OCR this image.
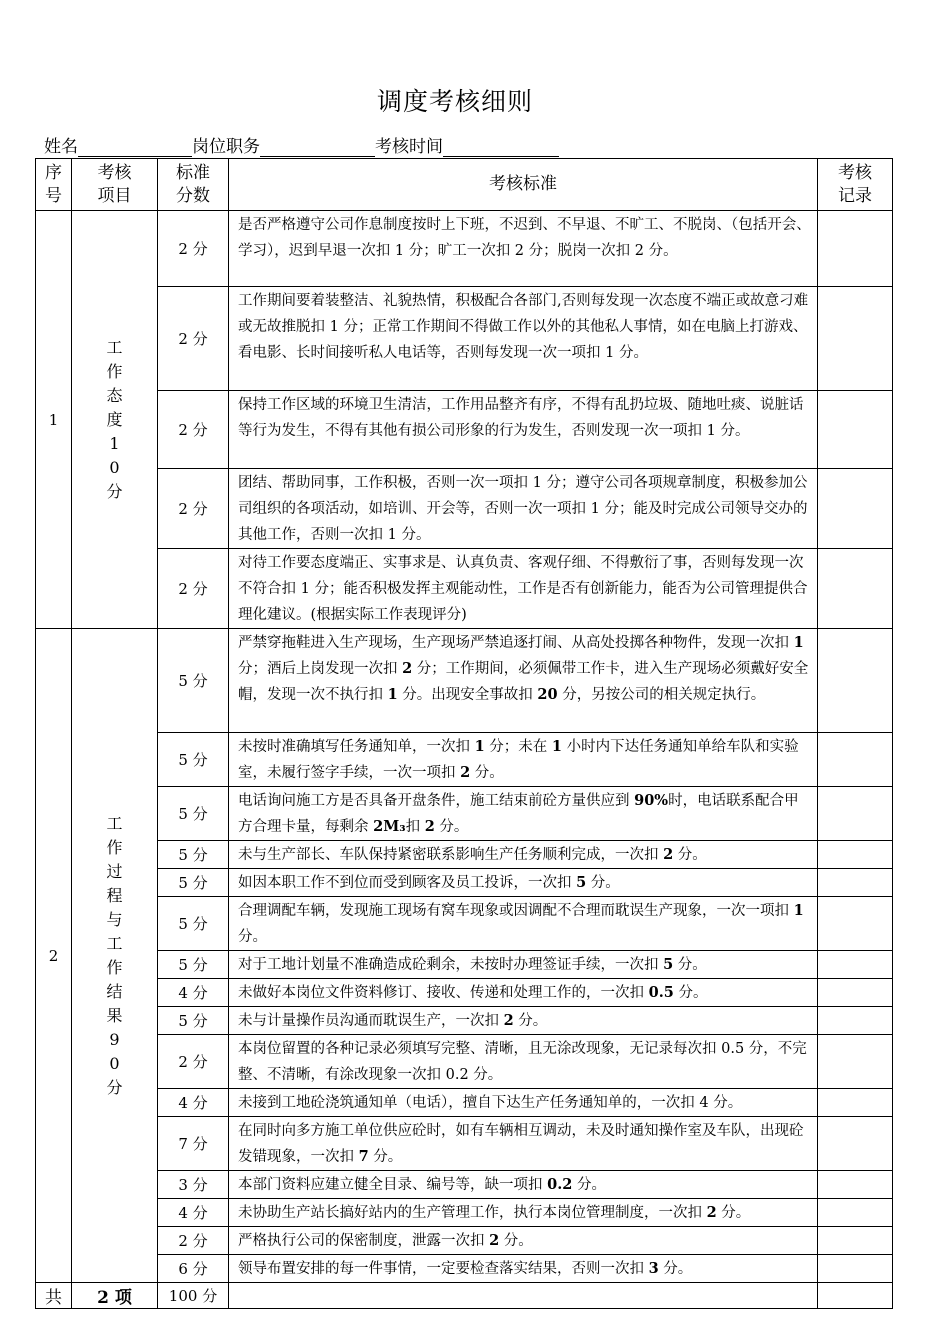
调度考核细则
姓名	岗位职务	考核时间
序号	考核项目	标准分数	考核标准	考核记录
1	工作态度10分	2 分	是否严格遵守公司作息制度按时上下班，不迟到、不早退、不旷工、不脱岗、（包括开会、学习），迟到早退一次扣 1 分；旷工一次扣 2 分；脱岗一次扣 2 分。	
		2 分	工作期间要着装整洁、礼貌热情，积极配合各部门,否则每发现一次态度不端正或故意刁难或无故推脱扣 1 分；正常工作期间不得做工作以外的其他私人事情，如在电脑上打游戏、看电影、长时间接听私人电话等，否则每发现一次一项扣 1 分。	
		2 分	保持工作区域的环境卫生清洁，工作用品整齐有序，不得有乱扔垃圾、随地吐痰、说脏话等行为发生，不得有其他有损公司形象的行为发生，否则发现一次一项扣 1 分。	
		2 分	团结、帮助同事，工作积极，否则一次一项扣 1 分；遵守公司各项规章制度，积极参加公司组织的各项活动，如培训、开会等，否则一次一项扣 1 分；能及时完成公司领导交办的其他工作，否则一次扣 1 分。	
		2 分	对待工作要态度端正、实事求是、认真负责、客观仔细、不得敷衍了事，否则每发现一次不符合扣 1 分；能否积极发挥主观能动性，工作是否有创新能力，能否为公司管理提供合理化建议。(根据实际工作表现评分)	
2	工作过程与工作结果90分	5 分	严禁穿拖鞋进入生产现场，生产现场严禁追逐打闹、从高处投掷各种物件，发现一次扣 1 分；酒后上岗发现一次扣 2 分；工作期间，必须佩带工作卡，进入生产现场必须戴好安全帽，发现一次不执行扣 1 分。出现安全事故扣 20 分，另按公司的相关规定执行。	
		5 分	未按时准确填写任务通知单，一次扣 1 分；未在 1 小时内下达任务通知单给车队和实验室，未履行签字手续，一次一项扣 2 分。	
		5 分	电话询问施工方是否具备开盘条件，施工结束前砼方量供应到 90%时，电话联系配合甲方合理卡量，每剩余 2M₃扣 2 分。	
		5 分	未与生产部长、车队保持紧密联系影响生产任务顺利完成，一次扣 2 分。	
		5 分	如因本职工作不到位而受到顾客及员工投诉，一次扣 5 分。	
		5 分	合理调配车辆，发现施工现场有窝车现象或因调配不合理而耽误生产现象，一次一项扣 1 分。	
		5 分	对于工地计划量不准确造成砼剩余，未按时办理签证手续，一次扣 5 分。	
		4 分	未做好本岗位文件资料修订、接收、传递和处理工作的，一次扣 0.5 分。	
		5 分	未与计量操作员沟通而耽误生产，一次扣 2 分。	
		2 分	本岗位留置的各种记录必须填写完整、清晰，且无涂改现象，无记录每次扣 0.5 分，不完整、不清晰，有涂改现象一次扣 0.2 分。	
		4 分	未接到工地砼浇筑通知单（电话），擅自下达生产任务通知单的，一次扣 4 分。	
		7 分	在同时向多方施工单位供应砼时，如有车辆相互调动，未及时通知操作室及车队，出现砼发错现象，一次扣 7 分。	
		3 分	本部门资料应建立健全目录、编号等，缺一项扣 0.2 分。	
		4 分	未协助生产站长搞好站内的生产管理工作，执行本岗位管理制度，一次扣 2 分。	
		2 分	严格执行公司的保密制度，泄露一次扣 2 分。	
		6 分	领导布置安排的每一件事情，一定要检查落实结果，否则一次扣 3 分。	
共	2 项	100 分		
